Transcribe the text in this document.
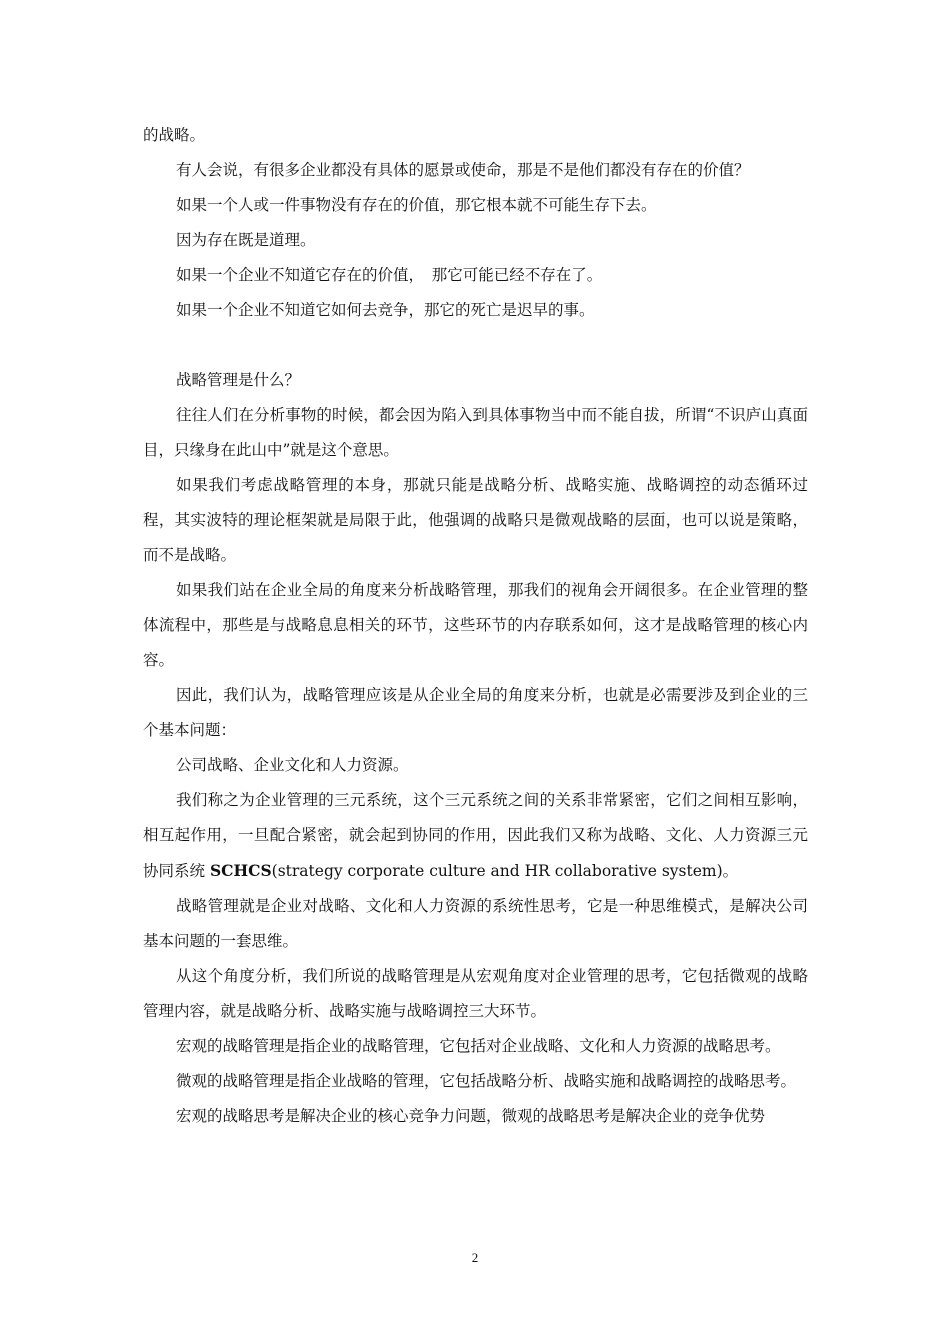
的战略。

有人会说，有很多企业都没有具体的愿景或使命，那是不是他们都没有存在的价值？

如果一个人或一件事物没有存在的价值，那它根本就不可能生存下去。

因为存在既是道理。

如果一个企业不知道它存在的价值，　那它可能已经不存在了。

如果一个企业不知道它如何去竞争，那它的死亡是迟早的事。

战略管理是什么？

往往人们在分析事物的时候，都会因为陷入到具体事物当中而不能自拔，所谓“不识庐山真面目，只缘身在此山中”就是这个意思。

如果我们考虑战略管理的本身，那就只能是战略分析、战略实施、战略调控的动态循环过程，其实波特的理论框架就是局限于此，他强调的战略只是微观战略的层面，也可以说是策略，而不是战略。

如果我们站在企业全局的角度来分析战略管理，那我们的视角会开阔很多。在企业管理的整体流程中，那些是与战略息息相关的环节，这些环节的内存联系如何，这才是战略管理的核心内容。

因此，我们认为，战略管理应该是从企业全局的角度来分析，也就是必需要涉及到企业的三个基本问题：

公司战略、企业文化和人力资源。

我们称之为企业管理的三元系统，这个三元系统之间的关系非常紧密，它们之间相互影响，相互起作用，一旦配合紧密，就会起到协同的作用，因此我们又称为战略、文化、人力资源三元协同系统 SCHCS(strategy corporate culture and HR collaborative system)。

战略管理就是企业对战略、文化和人力资源的系统性思考，它是一种思维模式，是解决公司基本问题的一套思维。

从这个角度分析，我们所说的战略管理是从宏观角度对企业管理的思考，它包括微观的战略管理内容，就是战略分析、战略实施与战略调控三大环节。

宏观的战略管理是指企业的战略管理，它包括对企业战略、文化和人力资源的战略思考。

微观的战略管理是指企业战略的管理，它包括战略分析、战略实施和战略调控的战略思考。

宏观的战略思考是解决企业的核心竞争力问题，微观的战略思考是解决企业的竞争优势

2
